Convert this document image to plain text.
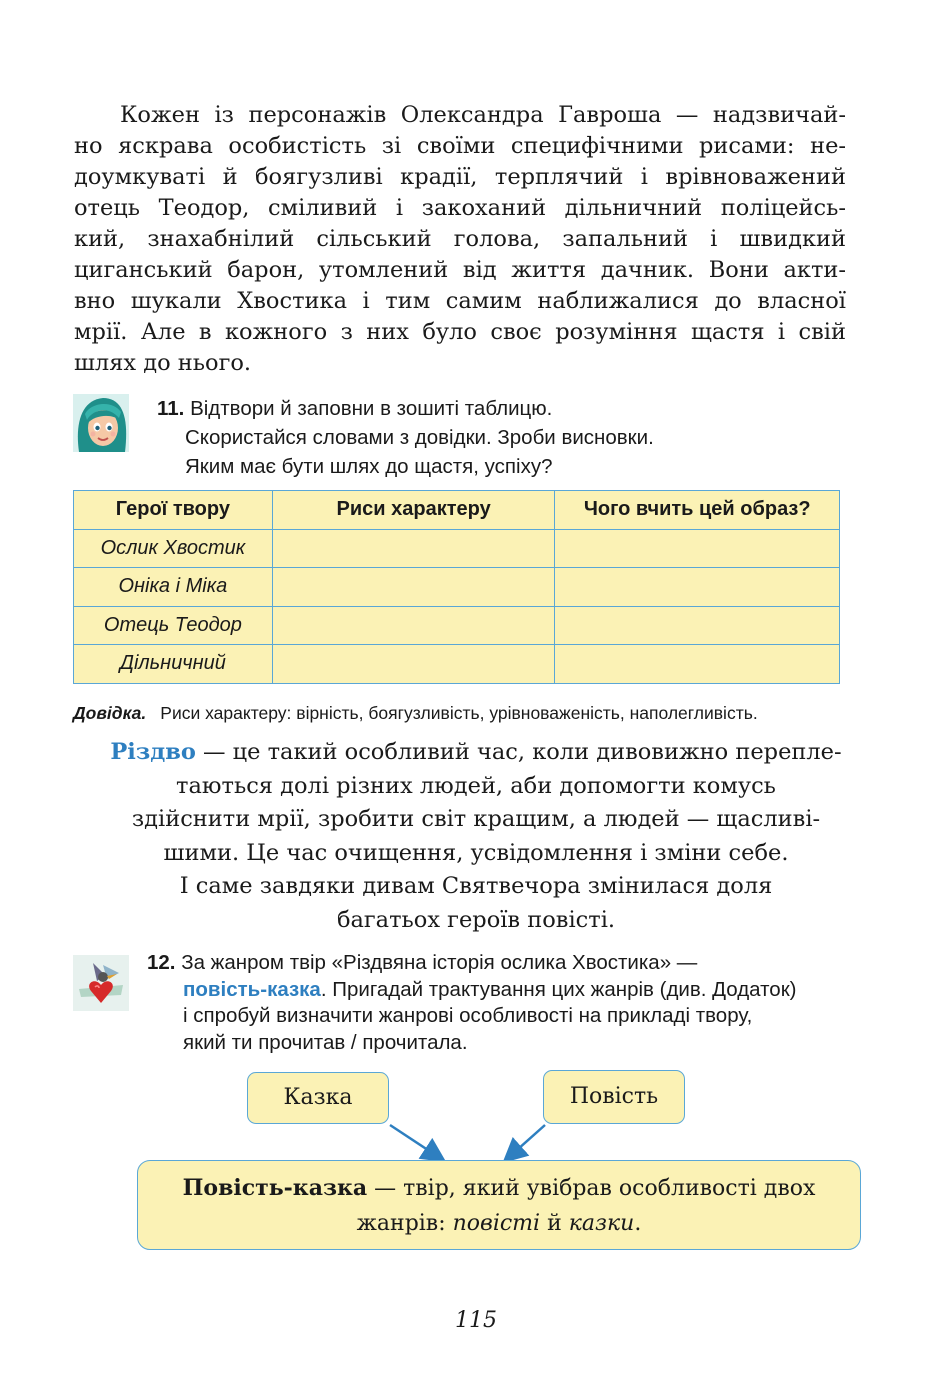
Кожен із персонажів Олександра Гавроша — надзвичай-
но яскрава особистість зі своїми специфічними рисами: не-
доумкуваті й боягузливі крадії, терплячий і врівноважений
отець Теодор, сміливий і закоханий дільничний поліцейсь-
кий, знахабнілий сільський голова, запальний і швидкий
циганський барон, утомлений від життя дачник. Вони акти-
вно шукали Хвостика і тим самим наближалися до власної
мрії. Але в кожного з них було своє розуміння щастя і свій
шлях до нього.
11. Відтвори й заповни в зошиті таблицю.
Скористайся словами з довідки. Зроби висновки.
Яким має бути шлях до щастя, успіху?
Герої твору	Риси характеру	Чого вчить цей образ?
Ослик Хвостик		
Оніка і Міка		
Отець Теодор		
Дільничний		
Довідка. Риси характеру: вірність, боягузливість, урівноваженість, наполегливість.
Різдво — це такий особливий час, коли дивовижно перепле-
таються долі різних людей, аби допомогти комусь
здійснити мрії, зробити світ кращим, а людей — щасливі-
шими. Це час очищення, усвідомлення і зміни себе.
І саме завдяки дивам Святвечора змінилася доля
багатьох героїв повісті.
12. За жанром твір «Різдвяна історія ослика Хвостика» —
повість-казка. Пригадай трактування цих жанрів (див. Додаток)
і спробуй визначити жанрові особливості на прикладі твору,
який ти прочитав / прочитала.
Казка	Повість
Повість-казка — твір, який увібрав особливості двох
жанрів: повісті й казки.
115
